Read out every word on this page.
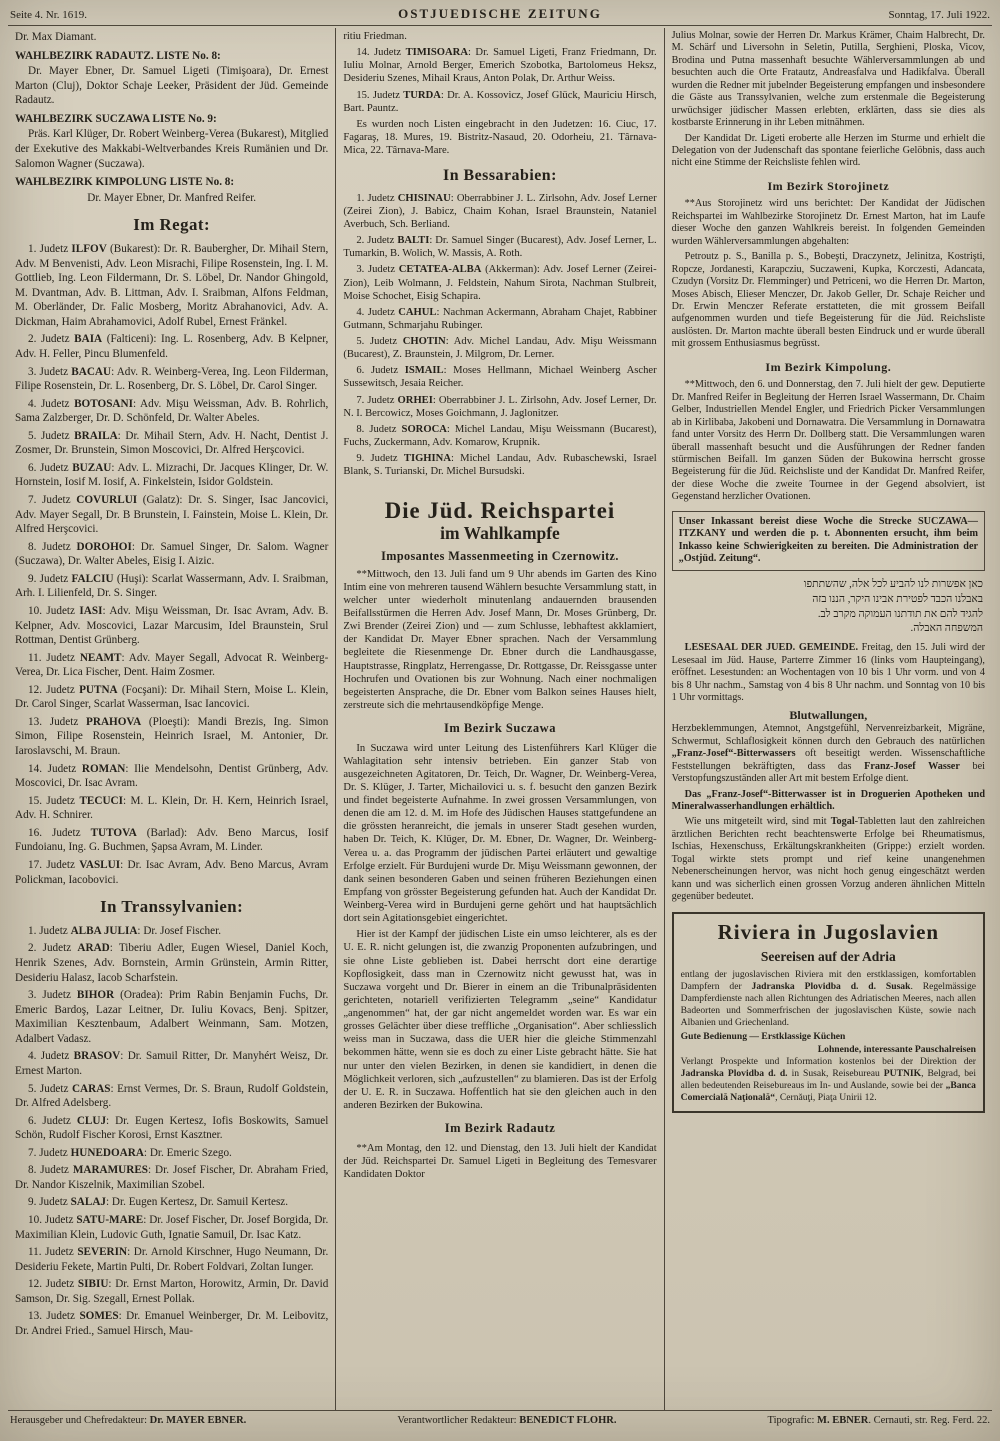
Seite 4. Nr. 1619.	OSTJUEDISCHE ZEITUNG	Sonntag, 17. Juli 1922.
Dr. Max Diamant.
WAHLBEZIRK RADAUTZ. LISTE No. 8:
Dr. Mayer Ebner, Dr. Samuel Ligeti (Timişoara), Dr. Ernest Marton (Cluj), Doktor Schaje Leeker, Präsident der Jüd. Gemeinde Radautz.
WAHLBEZIRK SUCZAWA LISTE No. 9:
Präs. Karl Klüger, Dr. Robert Weinberg-Verea (Bukarest), Mitglied der Exekutive des Makkabi-Weltverbandes Kreis Rumänien und Dr. Salomon Wagner (Suczawa).
WAHLBEZIRK KIMPOLUNG LISTE No. 8:
Dr. Mayer Ebner, Dr. Manfred Reifer.
Im Regat:
1. Judetz ILFOV (Bukarest): Dr. R. Baubergher, Dr. Mihail Stern, Adv. M Benvenisti, Adv. Leon Misrachi, Filipe Rosenstein, Ing. I. M. Gottlieb, Ing. Leon Fildermann, Dr. S. Löbel, Dr. Nandor Ghingold, M. Dvantman, Adv. B. Littman, Adv. I. Sraibman, Alfons Feldman, M. Oberländer, Dr. Falic Mosberg, Moritz Abrahanovici, Adv. A. Dickman, Haim Abrahamovici, Adolf Rubel, Ernest Fränkel.
2. Judetz BAIA (Falticeni): Ing. L. Rosenberg, Adv. B Kelpner, Adv. H. Feller, Pincu Blumenfeld.
3. Judetz BACAU: Adv. R. Weinberg-Verea, Ing. Leon Filderman, Filipe Rosenstein, Dr. L. Rosenberg, Dr. S. Löbel, Dr. Carol Singer.
4. Judetz BOTOSANI: Adv. Mişu Weissman, Adv. B. Rohrlich, Sama Zalzberger, Dr. D. Schönfeld, Dr. Walter Abeles.
5. Judetz BRAILA: Dr. Mihail Stern, Adv. H. Nacht, Dentist J. Zosmer, Dr. Brunstein, Simon Moscovici, Dr. Alfred Herşcovici.
6. Judetz BUZAU: Adv. L. Mizrachi, Dr. Jacques Klinger, Dr. W. Hornstein, Iosif M. Iosif, A. Finkelstein, Isidor Goldstein.
7. Judetz COVURLUI (Galatz): Dr. S. Singer, Isac Jancovici, Adv. Mayer Segall, Dr. B Brunstein, I. Fainstein, Moise L. Klein, Dr. Alfred Herşcovici.
8. Judetz DOROHOI: Dr. Samuel Singer, Dr. Salom. Wagner (Suczawa), Dr. Walter Abeles, Eisig I. Aizic.
9. Judetz FALCIU (Huşi): Scarlat Wassermann, Adv. I. Sraibman, Arh. I. Lilienfeld, Dr. S. Singer.
10. Judetz IASI: Adv. Mişu Weissman, Dr. Isac Avram, Adv. B. Kelpner, Adv. Moscovici, Lazar Marcusim, Idel Braunstein, Srul Rottman, Dentist Grünberg.
11. Judetz NEAMT: Adv. Mayer Segall, Advocat R. Weinberg-Verea, Dr. Lica Fischer, Dent. Haim Zosmer.
12. Judetz PUTNA (Focşani): Dr. Mihail Stern, Moise L. Klein, Dr. Carol Singer, Scarlat Wasserman, Isac Iancovici.
13. Judetz PRAHOVA (Ploeşti): Mandi Brezis, Ing. Simon Simon, Filipe Rosenstein, Heinrich Israel, M. Antonier, Dr. Iaroslavschi, M. Braun.
14. Judetz ROMAN: Ilie Mendelsohn, Dentist Grünberg, Adv. Moscovici, Dr. Isac Avram.
15. Judetz TECUCI: M. L. Klein, Dr. H. Kern, Heinrich Israel, Adv. H. Schnirer.
16. Judetz TUTOVA (Barlad): Adv. Beno Marcus, Iosif Fundoianu, Ing. G. Buchmen, Şapsa Avram, M. Linder.
17. Judetz VASLUI: Dr. Isac Avram, Adv. Beno Marcus, Avram Polickman, Iacobovici.
In Transsylvanien:
1. Judetz ALBA JULIA: Dr. Josef Fischer.
2. Judetz ARAD: Tiberiu Adler, Eugen Wiesel, Daniel Koch, Henrik Szenes, Adv. Bornstein, Armin Grünstein, Armin Ritter, Desideriu Halasz, Iacob Scharfstein.
3. Judetz BIHOR (Oradea): Prim Rabin Benjamin Fuchs, Dr. Emeric Bardoş, Lazar Leitner, Dr. Iuliu Kovacs, Benj. Spitzer, Maximilian Kesztenbaum, Adalbert Weinmann, Sam. Motzen, Adalbert Vadasz.
4. Judetz BRASOV: Dr. Samuil Ritter, Dr. Manyhért Weisz, Dr. Ernest Marton.
5. Judetz CARAS: Ernst Vermes, Dr. S. Braun, Rudolf Goldstein, Dr. Alfred Adelsberg.
6. Judetz CLUJ: Dr. Eugen Kertesz, Iofis Boskowits, Samuel Schön, Rudolf Fischer Korosi, Ernst Kasztner.
7. Judetz HUNEDOARA: Dr. Emeric Szego.
8. Judetz MARAMURES: Dr. Josef Fischer, Dr. Abraham Fried, Dr. Nandor Kiszelnik, Maximilian Szobel.
9. Judetz SALAJ: Dr. Eugen Kertesz, Dr. Samuil Kertesz.
10. Judetz SATU-MARE: Dr. Josef Fischer, Dr. Josef Borgida, Dr. Maximilian Klein, Ludovic Guth, Ignatie Samuil, Dr. Isac Katz.
11. Judetz SEVERIN: Dr. Arnold Kirschner, Hugo Neumann, Dr. Desideriu Fekete, Martin Pulti, Dr. Robert Foldvari, Zoltan Iunger.
12. Judetz SIBIU: Dr. Ernst Marton, Horowitz, Armin, Dr. David Samson, Dr. Sig. Szegall, Ernest Pollak.
13. Judetz SOMES: Dr. Emanuel Weinberger, Dr. M. Leibovitz, Dr. Andrei Fried., Samuel Hirsch, Mau-
ritiu Friedman.
14. Judetz TIMISOARA: Dr. Samuel Ligeti, Franz Friedmann, Dr. Iuliu Molnar, Arnold Berger, Emerich Szobotka, Bartolomeus Heksz, Desideriu Szenes, Mihail Kraus, Anton Polak, Dr. Arthur Weiss.
15. Judetz TURDA: Dr. A. Kossovicz, Josef Glück, Mauriciu Hirsch, Bart. Pauntz.
Es wurden noch Listen eingebracht in den Judetzen: 16. Ciuc, 17. Fagaraş, 18. Mures, 19. Bistritz-Nasaud, 20. Odorheiu, 21. Târnava-Mica, 22. Târnava-Mare.
In Bessarabien:
1. Judetz CHISINAU: Oberrabbiner J. L. Zirlsohn, Adv. Josef Lerner (Zeirei Zion), J. Babicz, Chaim Kohan, Israel Braunstein, Nataniel Averbuch, Sch. Berliand.
2. Judetz BALTI: Dr. Samuel Singer (Bucarest), Adv. Josef Lerner, L. Tumarkin, B. Wolich, W. Massis, A. Roth.
3. Judetz CETATEA-ALBA (Akkerman): Adv. Josef Lerner (Zeirei-Zion), Leib Wolmann, J. Feldstein, Nahum Sirota, Nachman Stulbreit, Moise Schochet, Eisig Schapira.
4. Judetz CAHUL: Nachman Ackermann, Abraham Chajet, Rabbiner Gutmann, Schmarjahu Rubinger.
5. Judetz CHOTIN: Adv. Michel Landau, Adv. Mişu Weissmann (Bucarest), Z. Braunstein, J. Milgrom, Dr. Lerner.
6. Judetz ISMAIL: Moses Hellmann, Michael Weinberg Ascher Sussewitsch, Jesaia Reicher.
7. Judetz ORHEI: Oberrabbiner J. L. Zirlsohn, Adv. Josef Lerner, Dr. N. I. Bercowicz, Moses Goichmann, J. Jaglonitzer.
8. Judetz SOROCA: Michel Landau, Mişu Weissmann (Bucarest), Fuchs, Zuckermann, Adv. Komarow, Krupnik.
9. Judetz TIGHINA: Michel Landau, Adv. Rubaschewski, Israel Blank, S. Turianski, Dr. Michel Bursudski.
Die Jüd. Reichspartei
im Wahlkampfe
Imposantes Massenmeeting in Czernowitz.
**Mittwoch, den 13. Juli fand um 9 Uhr abends im Garten des Kino Intim eine von mehreren tausend Wählern besuchte Versammlung statt, in welcher unter wiederholt minutenlang andauernden brausenden Beifallsstürmen die Herren Adv. Josef Mann, Dr. Moses Grünberg, Dr. Zwi Brender (Zeirei Zion) und — zum Schlusse, lebhaftest akklamiert, der Kandidat Dr. Mayer Ebner sprachen. Nach der Versammlung begleitete die Riesenmenge Dr. Ebner durch die Landhausgasse, Hauptstrasse, Ringplatz, Herrengasse, Dr. Rottgasse, Dr. Reissgasse unter Hochrufen und Ovationen bis zur Wohnung. Nach einer nochmaligen begeisterten Ansprache, die Dr. Ebner vom Balkon seines Hauses hielt, zerstreute sich die mehrtausendköpfige Menge.
Im Bezirk Suczawa
In Suczawa wird unter Leitung des Listenführers Karl Klüger die Wahlagitation sehr intensiv betrieben. Ein ganzer Stab von ausgezeichneten Agitatoren, Dr. Teich, Dr. Wagner, Dr. Weinberg-Verea, Dr. S. Klüger, J. Tarter, Michailovici u. s. f. besucht den ganzen Bezirk und findet begeisterte Aufnahme. In zwei grossen Versammlungen, von denen die am 12. d. M. im Hofe des Jüdischen Hauses stattgefundene an die grössten heranreicht, die jemals in unserer Stadt gesehen wurden, haben Dr. Teich, K. Klüger, Dr. M. Ebner, Dr. Wagner, Dr. Weinberg-Verea u. a. das Programm der jüdischen Partei erläutert und gewaltige Erfolge erzielt. Für Burdujeni wurde Dr. Mişu Weissmann gewonnen, der dank seinen besonderen Gaben und seinen früheren Beziehungen einen Empfang von grösster Begeisterung gefunden hat. Auch der Kandidat Dr. Weinberg-Verea wird in Burdujeni gerne gehört und hat hauptsächlich dort sein Agitationsgebiet eingerichtet.
Hier ist der Kampf der jüdischen Liste ein umso leichterer, als es der U. E. R. nicht gelungen ist, die zwanzig Proponenten aufzubringen, und sie ohne Liste geblieben ist. Dabei herrscht dort eine derartige Kopflosigkeit, dass man in Czernowitz nicht gewusst hat, was in Suczawa vorgeht und Dr. Bierer in einem an die Tribunalpräsidenten gerichteten, notariell verifizierten Telegramm „seine“ Kandidatur „angenommen“ hat, der gar nicht angemeldet worden war. Es war ein grosses Gelächter über diese treffliche „Organisation“. Aber schliesslich weiss man in Suczawa, dass die UER hier die gleiche Stimmenzahl bekommen hätte, wenn sie es doch zu einer Liste gebracht hätte. Sie hat nur unter den vielen Bezirken, in denen sie kandidiert, in denen die Möglichkeit verloren, sich „aufzustellen“ zu blamieren. Das ist der Erfolg der U. E. R. in Suczawa. Hoffentlich hat sie den gleichen auch in den anderen Bezirken der Bukowina.
Im Bezirk Radautz
**Am Montag, den 12. und Dienstag, den 13. Juli hielt der Kandidat der Jüd. Reichspartei Dr. Samuel Ligeti in Begleitung des Temesvarer Kandidaten Doktor
Julius Molnar, sowie der Herren Dr. Markus Krämer, Chaim Halbrecht, Dr. M. Schärf und Liversohn in Seletin, Putilla, Serghieni, Ploska, Vicov, Brodina und Putna massenhaft besuchte Wählerversammlungen ab und besuchten auch die Orte Fratautz, Andreasfalva und Hadikfalva. Überall wurden die Redner mit jubelnder Begeisterung empfangen und insbesondere die Gäste aus Transsylvanien, welche zum erstenmale die Begeisterung urwüchsiger jüdischer Massen erlebten, erklärten, dass sie dies als kostbarste Erinnerung in ihr Leben mitnähmen.
Der Kandidat Dr. Ligeti eroberte alle Herzen im Sturme und erhielt die Delegation von der Judenschaft das spontane feierliche Gelöbnis, dass auch nicht eine Stimme der Reichsliste fehlen wird.
Im Bezirk Storojinetz
**Aus Storojinetz wird uns berichtet: Der Kandidat der Jüdischen Reichspartei im Wahlbezirke Storojinetz Dr. Ernest Marton, hat im Laufe dieser Woche den ganzen Wahlkreis bereist. In folgenden Gemeinden wurden Wählerversammlungen abgehalten:
Petroutz p. S., Banilla p. S., Bobeşti, Draczynetz, Jelinitza, Kostrişti, Ropcze, Jordanesti, Karapcziu, Suczaweni, Kupka, Korczesti, Adancata, Czudyn (Vorsitz Dr. Flemminger) und Petriceni, wo die Herren Dr. Marton, Moses Abisch, Elieser Menczer, Dr. Jakob Geller, Dr. Schaje Reicher und Dr. Erwin Menczer Referate erstatteten, die mit grossem Beifall aufgenommen wurden und tiefe Begeisterung für die Jüd. Reichsliste auslösten. Dr. Marton machte überall besten Eindruck und er wurde überall mit grossem Enthusiasmus begrüsst.
Im Bezirk Kimpolung.
**Mittwoch, den 6. und Donnerstag, den 7. Juli hielt der gew. Deputierte Dr. Manfred Reifer in Begleitung der Herren Israel Wassermann, Dr. Chaim Gelber, Industriellen Mendel Engler, und Friedrich Picker Versammlungen ab in Kirlibaba, Jakobeni und Dornawatra. Die Versammlung in Dornawatra fand unter Vorsitz des Herrn Dr. Dollberg statt. Die Versammlungen waren überall massenhaft besucht und die Ausführungen der Redner fanden stürmischen Beifall. Im ganzen Süden der Bukowina herrscht grosse Begeisterung für die Jüd. Reichsliste und der Kandidat Dr. Manfred Reifer, der diese Woche die zweite Tournee in der Gegend absolviert, ist Gegenstand herzlicher Ovationen.
Unser Inkassant bereist diese Woche die Strecke SUCZAWA—ITZKANY und werden die p. t. Abonnenten ersucht, ihm beim Inkasso keine Schwierigkeiten zu bereiten. Die Administration der „Ostjüd. Zeitung“.
כאן אפשרות לנו להביע לכל אלה, שהשתתפו
באבלנו הכבד לפטירת אבינו היקר, הננו בזה
להגיד להם את תודתנו העמוקה מקרב לב.
המשפחה האבלה.
LESESAAL DER JUED. GEMEINDE. Freitag, den 15. Juli wird der Lesesaal im Jüd. Hause, Parterre Zimmer 16 (links vom Haupteingang), eröffnet. Lesestunden: an Wochentagen von 10 bis 1 Uhr vorm. und von 4 bis 8 Uhr nachm., Samstag von 4 bis 8 Uhr nachm. und Sonntag von 10 bis 1 Uhr vormittags.
Blutwallungen,
Herzbeklemmungen, Atemnot, Angstgefühl, Nervenreizbarkeit, Migräne, Schwermut, Schlaflosigkeit können durch den Gebrauch des natürlichen „Franz-Josef“-Bitterwassers oft beseitigt werden. Wissenschaftliche Feststellungen bekräftigten, dass das Franz-Josef Wasser bei Verstopfungszuständen aller Art mit bestem Erfolge dient.
Das „Franz-Josef“-Bitterwasser ist in Droguerien Apotheken und Mineralwasserhandlungen erhältlich.
Wie uns mitgeteilt wird, sind mit Togal-Tabletten laut den zahlreichen ärztlichen Berichten recht beachtenswerte Erfolge bei Rheumatismus, Ischias, Hexenschuss, Erkältungskrankheiten (Grippe:) erzielt worden. Togal wirkte stets prompt und rief keine unangenehmen Nebenerscheinungen hervor, was nicht hoch genug eingeschätzt werden kann und was sicherlich einen grossen Vorzug anderen ähnlichen Mitteln gegenüber bedeutet.
Riviera in Jugoslavien
Seereisen auf der Adria
entlang der jugoslavischen Riviera mit den erstklassigen, komfortablen Dampfern der Jadranska Plovidba d. d. Susak. Regelmässige Dampferdienste nach allen Richtungen des Adriatischen Meeres, nach allen Badeorten und Sommerfrischen der jugoslavischen Küste, sowie nach Albanien und Griechenland.
Gute Bedienung — Erstklassige Küchen
Lohnende, interessante Pauschalreisen
Verlangt Prospekte und Information kostenlos bei der Direktion der Jadranska Plovidba d. d. in Susak, Reisebureau PUTNIK, Belgrad, bei allen bedeutenden Reisebureaus im In- und Auslande, sowie bei der „Banca Comercială Naţională“, Cernăuţi, Piaţa Unirii 12.
Herausgeber und Chefredakteur: Dr. MAYER EBNER.	Verantwortlicher Redakteur: BENEDICT FLOHR.	Tipografic: M. EBNER. Cernauti, str. Reg. Ferd. 22.
